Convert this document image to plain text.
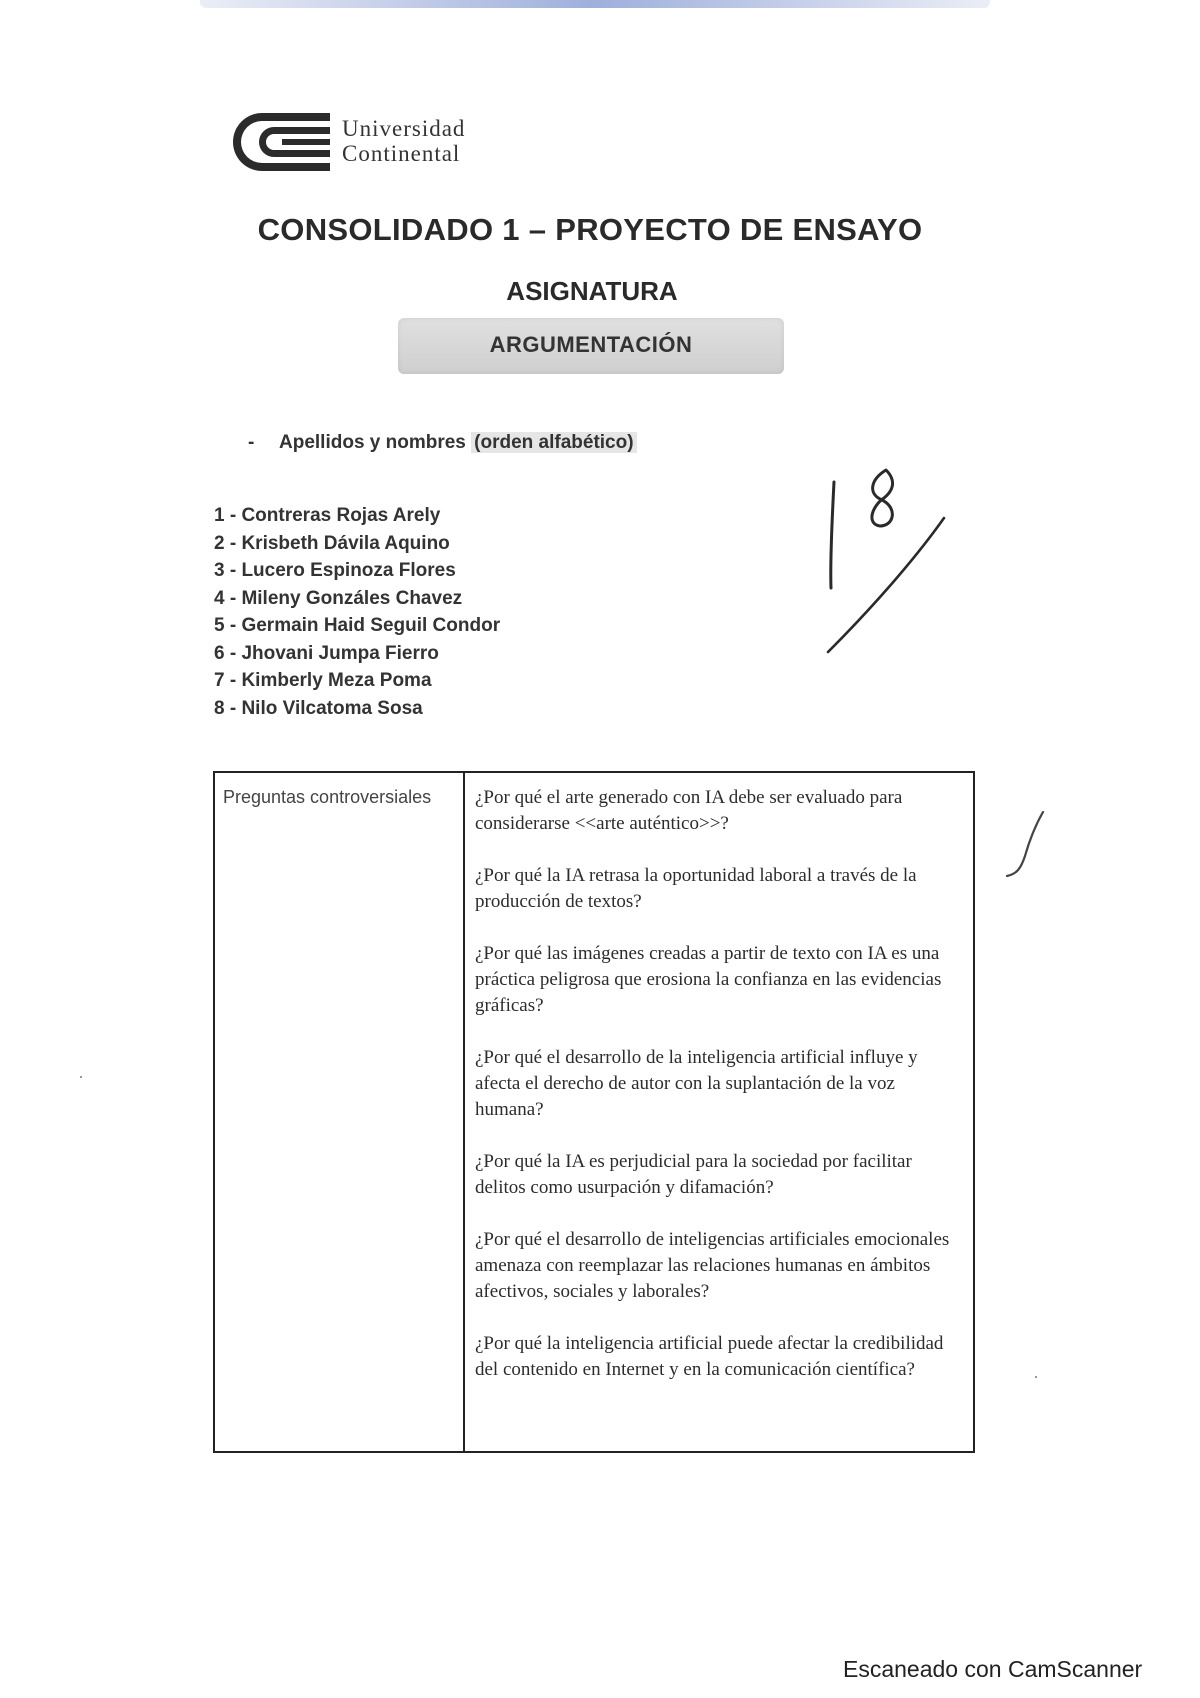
Universidad
Continental
CONSOLIDADO 1 – PROYECTO DE ENSAYO
ASIGNATURA
ARGUMENTACIÓN
- Apellidos y nombres (orden alfabético)
1 - Contreras Rojas Arely
2 - Krisbeth Dávila Aquino
3 - Lucero Espinoza Flores
4 - Mileny Gonzáles Chavez
5 - Germain Haid Seguil Condor
6 - Jhovani Jumpa Fierro
7 - Kimberly Meza Poma
8 - Nilo Vilcatoma Sosa
Preguntas controversiales ¿Por qué el arte generado con IA debe ser evaluado para considerarse <<arte auténtico>>?
¿Por qué la IA retrasa la oportunidad laboral a través de la producción de textos?
¿Por qué las imágenes creadas a partir de texto con IA es una práctica peligrosa que erosiona la confianza en las evidencias gráficas?
¿Por qué el desarrollo de la inteligencia artificial influye y afecta el derecho de autor con la suplantación de la voz humana?
¿Por qué la IA es perjudicial para la sociedad por facilitar delitos como usurpación y difamación?
¿Por qué el desarrollo de inteligencias artificiales emocionales amenaza con reemplazar las relaciones humanas en ámbitos afectivos, sociales y laborales?
¿Por qué la inteligencia artificial puede afectar la credibilidad del contenido en Internet y en la comunicación científica?
Escaneado con CamScanner
